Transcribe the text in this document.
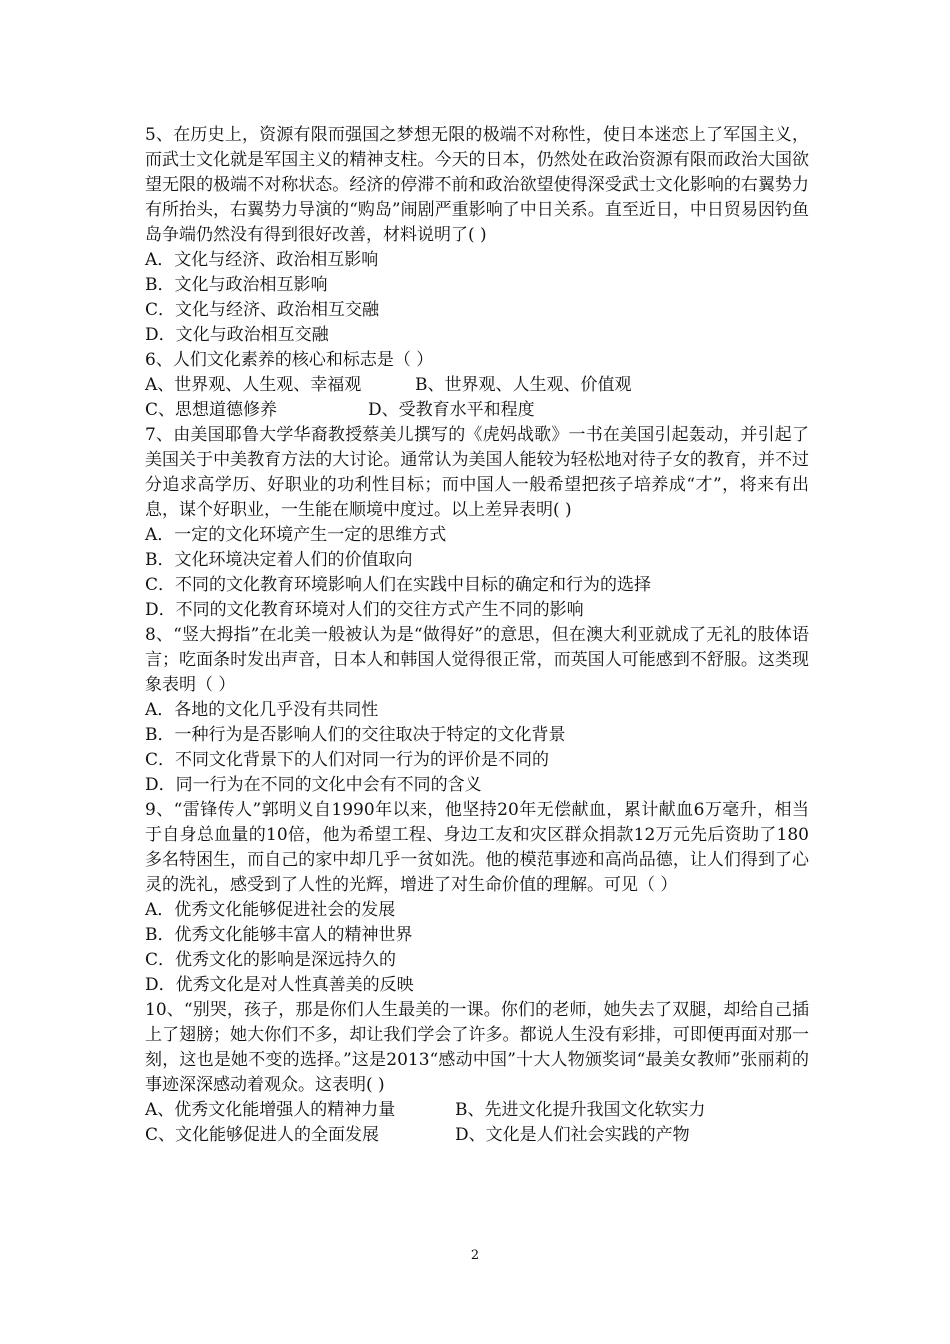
5、在历史上，资源有限而强国之梦想无限的极端不对称性，使日本迷恋上了军国主义，而武士文化就是军国主义的精神支柱。今天的日本，仍然处在政治资源有限而政治大国欲望无限的极端不对称状态。经济的停滞不前和政治欲望使得深受武士文化影响的右翼势力有所抬头，右翼势力导演的“购岛”闹剧严重影响了中日关系。直至近日，中日贸易因钓鱼岛争端仍然没有得到很好改善，材料说明了( )

A．文化与经济、政治相互影响

B．文化与政治相互影响

C．文化与经济、政治相互交融

D．文化与政治相互交融

6、人们文化素养的核心和标志是（ ）

A、世界观、人生观、幸福观	B、世界观、人生观、价值观
C、思想道德修养	D、受教育水平和程度

7、由美国耶鲁大学华裔教授蔡美儿撰写的《虎妈战歌》一书在美国引起轰动，并引起了美国关于中美教育方法的大讨论。通常认为美国人能较为轻松地对待子女的教育，并不过分追求高学历、好职业的功利性目标；而中国人一般希望把孩子培养成“才”，将来有出息，谋个好职业，一生能在顺境中度过。以上差异表明( )

A．一定的文化环境产生一定的思维方式

B．文化环境决定着人们的价值取向

C．不同的文化教育环境影响人们在实践中目标的确定和行为的选择

D．不同的文化教育环境对人们的交往方式产生不同的影响

8、“竖大拇指”在北美一般被认为是“做得好”的意思，但在澳大利亚就成了无礼的肢体语言；吃面条时发出声音，日本人和韩国人觉得很正常，而英国人可能感到不舒服。这类现象表明（ ）

A．各地的文化几乎没有共同性

B．一种行为是否影响人们的交往取决于特定的文化背景

C．不同文化背景下的人们对同一行为的评价是不同的

D．同一行为在不同的文化中会有不同的含义

9、“雷锋传人”郭明义自1990年以来，他坚持20年无偿献血，累计献血6万毫升，相当于自身总血量的10倍，他为希望工程、身边工友和灾区群众捐款12万元先后资助了180多名特困生，而自己的家中却几乎一贫如洗。他的模范事迹和高尚品德，让人们得到了心灵的洗礼，感受到了人性的光辉，增进了对生命价值的理解。可见（ ）

A．优秀文化能够促进社会的发展

B．优秀文化能够丰富人的精神世界

C．优秀文化的影响是深远持久的

D．优秀文化是对人性真善美的反映

10、“别哭，孩子，那是你们人生最美的一课。你们的老师，她失去了双腿，却给自己插上了翅膀；她大你们不多，却让我们学会了许多。都说人生没有彩排，可即便再面对那一刻，这也是她不变的选择。”这是2013“感动中国”十大人物颁奖词“最美女教师”张丽莉的事迹深深感动着观众。这表明( )

A、优秀文化能增强人的精神力量	B、先进文化提升我国文化软实力
C、文化能够促进人的全面发展	D、文化是人们社会实践的产物
2
